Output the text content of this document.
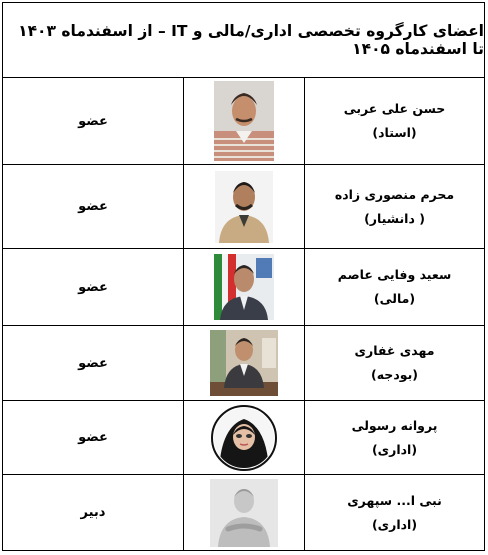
اعضای کارگروه تخصصی اداری/مالی و IT – از اسفندماه ۱۴۰۳ تا اسفندماه ۱۴۰۵
عضو
حسن علی عربی
(استاد)
عضو
محرم منصوری زاده
( دانشیار)
عضو
سعید وفایی عاصم
(مالی)
عضو
مهدی غفاری
(بودجه)
عضو
پروانه رسولی
(اداری)
دبیر
نبی ا... سپهری
(اداری)
